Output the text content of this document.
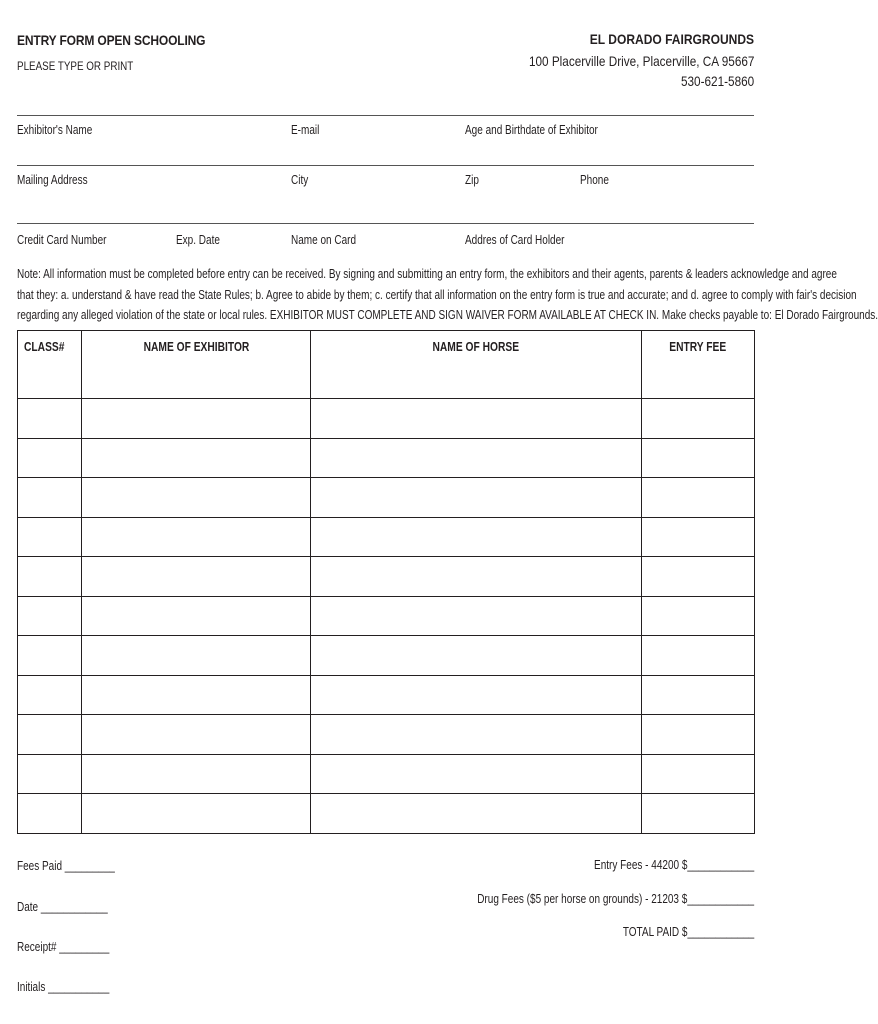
ENTRY FORM OPEN SCHOOLING
PLEASE TYPE OR PRINT
EL DORADO FAIRGROUNDS
100 Placerville Drive, Placerville, CA 95667
530-621-5860
Exhibitor's Name	E-mail	Age and Birthdate of Exhibitor
Mailing Address	City	Zip	Phone
Credit Card Number	Exp. Date	Name on Card	Addres of Card Holder
Note: All information must be completed before entry can be received. By signing and submitting an entry form, the exhibitors and their agents, parents & leaders acknowledge and agree
that they: a. understand & have read the State Rules; b. Agree to abide by them; c. certify that all information on the entry form is true and accurate; and d. agree to comply with fair's decision
regarding any alleged violation of the state or local rules. EXHIBITOR MUST COMPLETE AND SIGN WAIVER FORM AVAILABLE AT CHECK IN. Make checks payable to: El Dorado Fairgrounds.
CLASS#	NAME OF EXHIBITOR	NAME OF HORSE	ENTRY FEE

Fees Paid _________
Date ____________
Receipt# _________
Initials ___________
Entry Fees - 44200 $____________
Drug Fees ($5 per horse on grounds) - 21203 $____________
TOTAL PAID $____________
